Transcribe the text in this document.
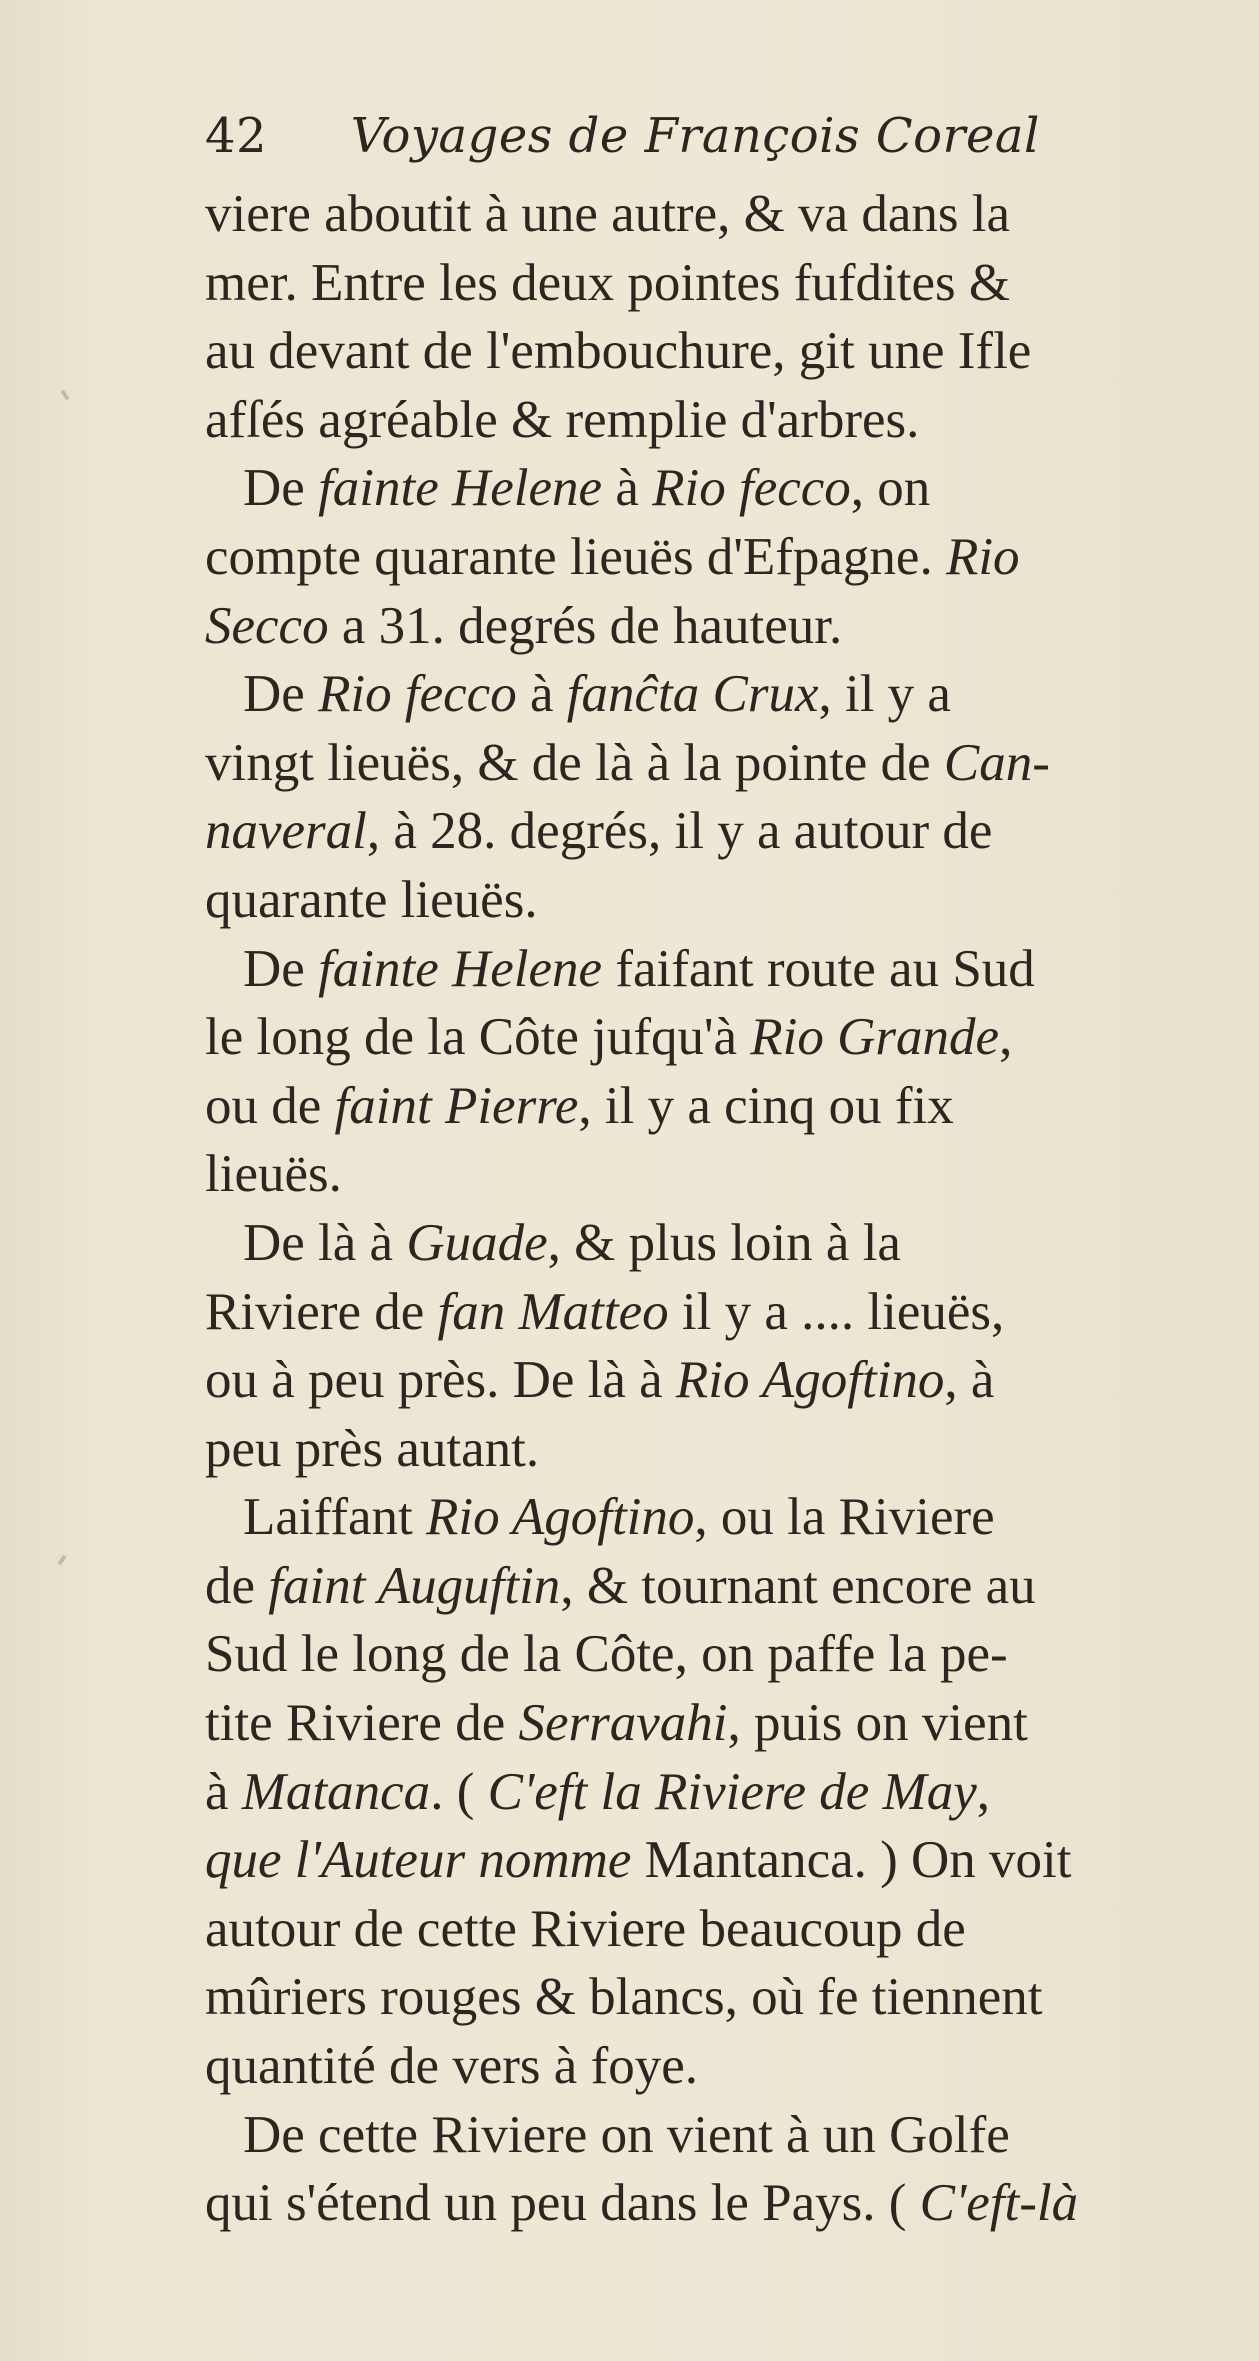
42 Voyages de François Coreal
viere aboutit à une autre, & va dans la
mer. Entre les deux pointes fufdites &
au devant de l'embouchure, git une Ifle
afſés agréable & remplie d'arbres.
De fainte Helene à Rio fecco, on
compte quarante lieuës d'Efpagne. Rio
Secco a 31. degrés de hauteur.
De Rio fecco à fanĉta Crux, il y a
vingt lieuës, & de là à la pointe de Can-
naveral, à 28. degrés, il y a autour de
quarante lieuës.
De fainte Helene faifant route au Sud
le long de la Côte jufqu'à Rio Grande,
ou de faint Pierre, il y a cinq ou fix
lieuës.
De là à Guade, & plus loin à la
Riviere de fan Matteo il y a .... lieuës,
ou à peu près. De là à Rio Agoftino, à
peu près autant.
Laiffant Rio Agoftino, ou la Riviere
de faint Auguftin, & tournant encore au
Sud le long de la Côte, on paffe la pe-
tite Riviere de Serravahi, puis on vient
à Matanca. ( C'eft la Riviere de May,
que l'Auteur nomme Mantanca. ) On voit
autour de cette Riviere beaucoup de
mûriers rouges & blancs, où fe tiennent
quantité de vers à foye.
De cette Riviere on vient à un Golfe
qui s'étend un peu dans le Pays. ( C'eft-là
